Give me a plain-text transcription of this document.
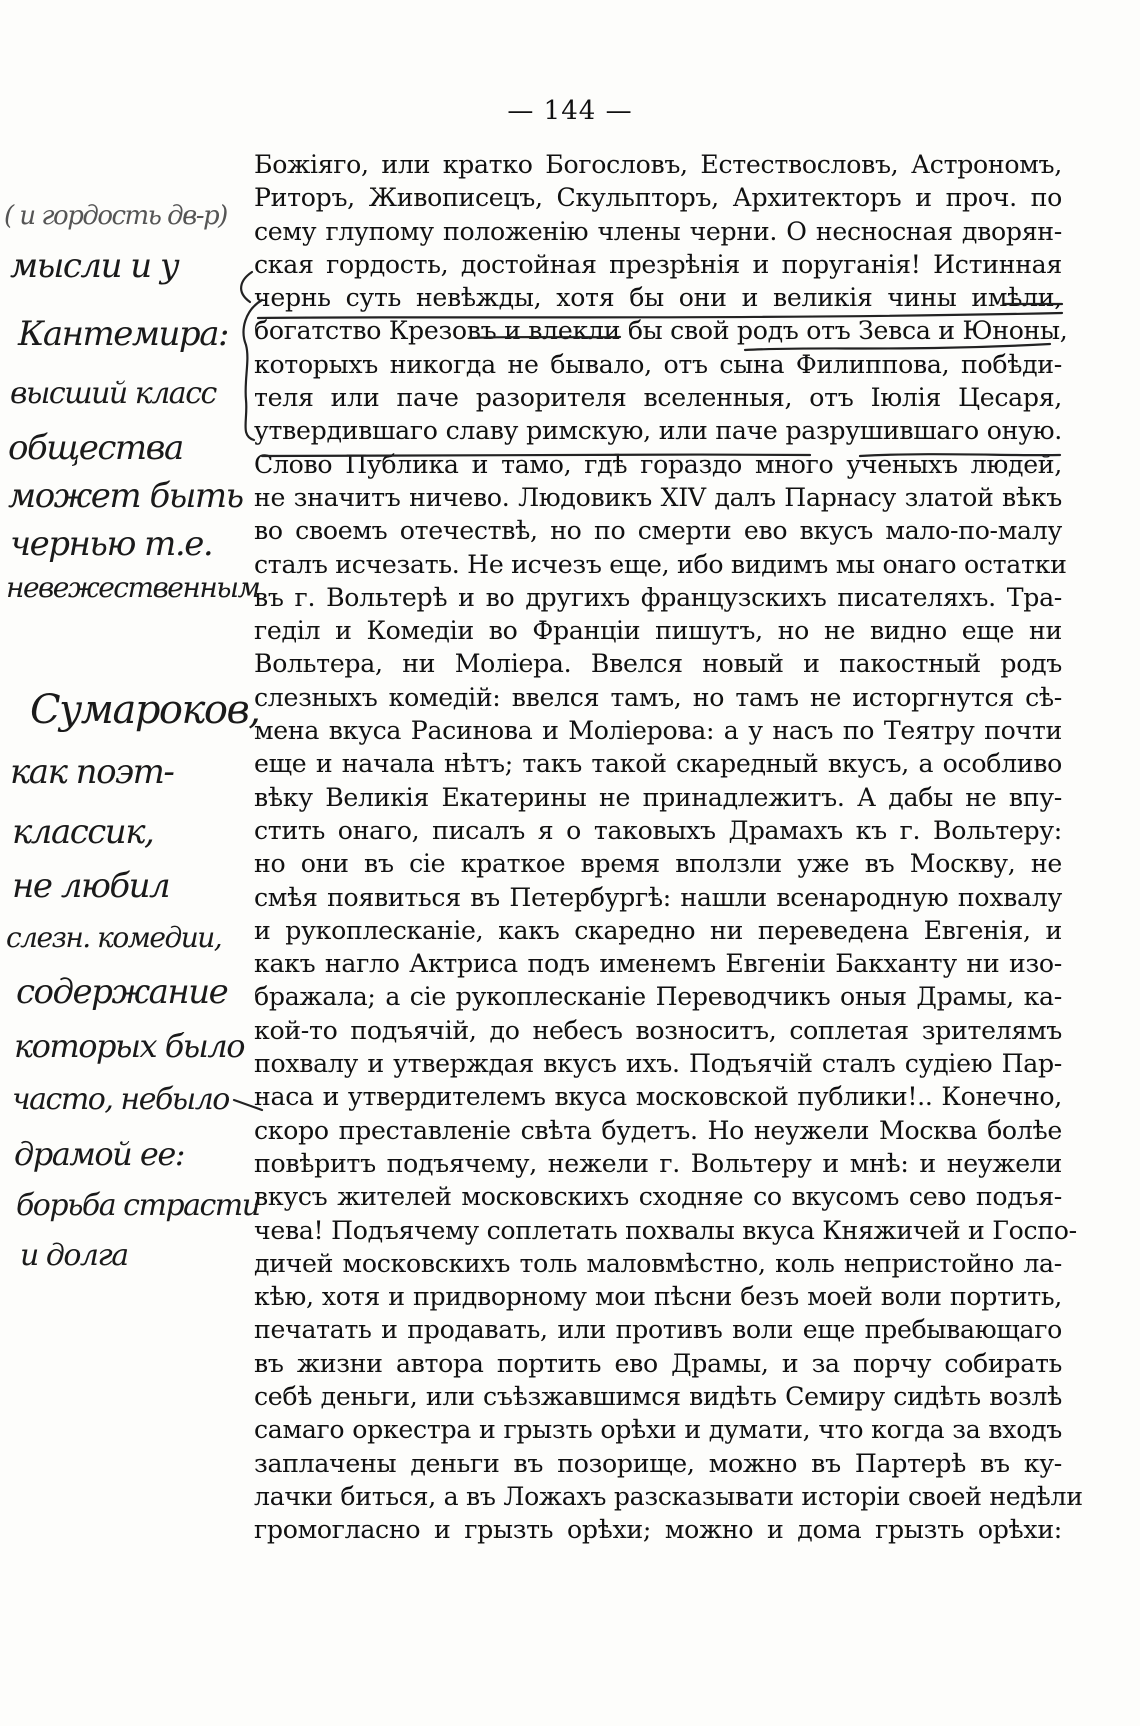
— 144 —
Божіяго, или кратко Богословъ, Естествословъ, Астрономъ,
Риторъ, Живописецъ, Скульпторъ, Архитекторъ и проч. по
сему глупому положенію члены черни. О несносная дворян-
ская гордость, достойная презрѣнія и поруганія! Истинная
чернь суть невѣжды, хотя бы они и великія чины имѣли,
богатство Крезовъ и влекли бы свой родъ отъ Зевса и Юноны,
которыхъ никогда не бывало, отъ сына Филиппова, побѣди-
теля или паче разорителя вселенныя, отъ Іюлія Цесаря,
утвердившаго славу римскую, или паче разрушившаго оную.
Слово Публика и тамо, гдѣ гораздо много ученыхъ людей,
не значитъ ничево. Людовикъ XIV далъ Парнасу златой вѣкъ
во своемъ отечествѣ, но по смерти ево вкусъ мало-по-малу
сталъ исчезать. Не исчезъ еще, ибо видимъ мы онаго остатки
въ г. Вольтерѣ и во другихъ французскихъ писателяхъ. Тра-
геділ и Комедіи во Франціи пишутъ, но не видно еще ни
Вольтера, ни Моліера. Ввелся новый и пакостный родъ
слезныхъ комедій: ввелся тамъ, но тамъ не исторгнутся сѣ-
мена вкуса Расинова и Моліерова: а у насъ по Тeятру почти
еще и начала нѣтъ; такъ такой скаредный вкусъ, а особливо
вѣку Великія Екатерины не принадлежитъ. А дабы не впу-
стить онаго, писалъ я о таковыхъ Драмахъ къ г. Вольтеру:
но они въ сіе краткое время вползли уже въ Москву, не
смѣя появиться въ Петербургѣ: нашли всенародную похвалу
и рукоплесканіе, какъ скаредно ни переведена Евгенія, и
какъ нагло Актриса подъ именемъ Евгеніи Бакханту ни изо-
бражала; а сіе рукоплесканіе Переводчикъ оныя Драмы, ка-
кой-то подъячій, до небесъ возноситъ, соплетая зрителямъ
похвалу и утверждая вкусъ ихъ. Подъячій сталъ судіею Пар-
наса и утвердителемъ вкуса московской публики!.. Конечно,
скоро преставленіе свѣта будетъ. Но неужели Москва болѣе
повѣритъ подъячему, нежели г. Вольтеру и мнѣ: и неужели
вкусъ жителей московскихъ сходняе со вкусомъ сево подъя-
чева! Подъячему соплетать похвалы вкуса Княжичей и Госпо-
дичей московскихъ толь маловмѣстно, коль непристойно ла-
кѣю, хотя и придворному мои пѣсни безъ моей воли портить,
печатать и продавать, или противъ воли еще пребывающаго
въ жизни автора портить ево Драмы, и за порчу собирать
себѣ деньги, или съѣзжавшимся видѣть Семиру сидѣть возлѣ
самаго оркестра и грызть орѣхи и думати, что когда за входъ
заплачены деньги въ позорище, можно въ Партерѣ въ ку-
лачки биться, а въ Ложахъ разсказывати исторіи своей недѣли
громогласно и грызть орѣхи; можно и дома грызть орѣхи:
( и гордость дв-р)
мысли и у
Кантемира:
высший класс
общества
может быть
чернью т.е.
невежественным
Сумароков,
как поэт-
классик,
не любил
слезн. комедии,
содержание
которых было
часто, небыло
драмой ее:
борьба страсти
и долга
